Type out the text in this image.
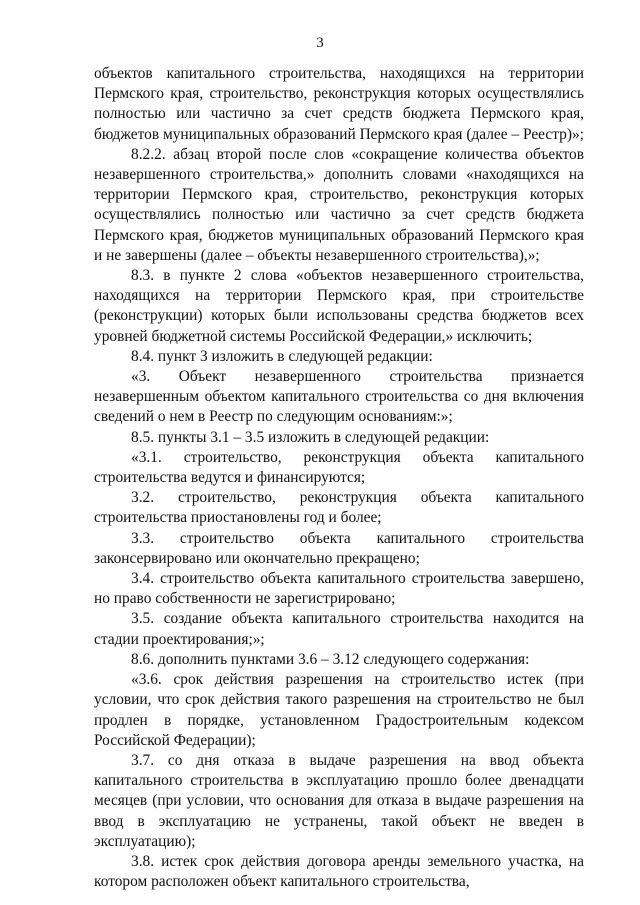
3

объектов капитального строительства, находящихся на территории Пермского края, строительство, реконструкция которых осуществлялись полностью или частично за счет средств бюджета Пермского края, бюджетов муниципальных образований Пермского края (далее – Реестр)»;

8.2.2. абзац второй после слов «сокращение количества объектов незавершенного строительства,» дополнить словами «находящихся на территории Пермского края, строительство, реконструкция которых осуществлялись полностью или частично за счет средств бюджета Пермского края, бюджетов муниципальных образований Пермского края и не завершены (далее – объекты незавершенного строительства),»;

8.3. в пункте 2 слова «объектов незавершенного строительства, находящихся на территории Пермского края, при строительстве (реконструкции) которых были использованы средства бюджетов всех уровней бюджетной системы Российской Федерации,» исключить;

8.4. пункт 3 изложить в следующей редакции:

«3. Объект незавершенного строительства признается незавершенным объектом капитального строительства со дня включения сведений о нем в Реестр по следующим основаниям:»;

8.5. пункты 3.1 – 3.5 изложить в следующей редакции:

«3.1. строительство, реконструкция объекта капитального строительства ведутся и финансируются;

3.2. строительство, реконструкция объекта капитального строительства приостановлены год и более;

3.3. строительство объекта капитального строительства законсервировано или окончательно прекращено;

3.4. строительство объекта капитального строительства завершено, но право собственности не зарегистрировано;

3.5. создание объекта капитального строительства находится на стадии проектирования;»;

8.6. дополнить пунктами 3.6 – 3.12 следующего содержания:

«3.6. срок действия разрешения на строительство истек (при условии, что срок действия такого разрешения на строительство не был продлен в порядке, установленном Градостроительным кодексом Российской Федерации);

3.7. со дня отказа в выдаче разрешения на ввод объекта капитального строительства в эксплуатацию прошло более двенадцати месяцев (при условии, что основания для отказа в выдаче разрешения на ввод в эксплуатацию не устранены, такой объект не введен в эксплуатацию);

3.8. истек срок действия договора аренды земельного участка, на котором расположен объект капитального строительства,
